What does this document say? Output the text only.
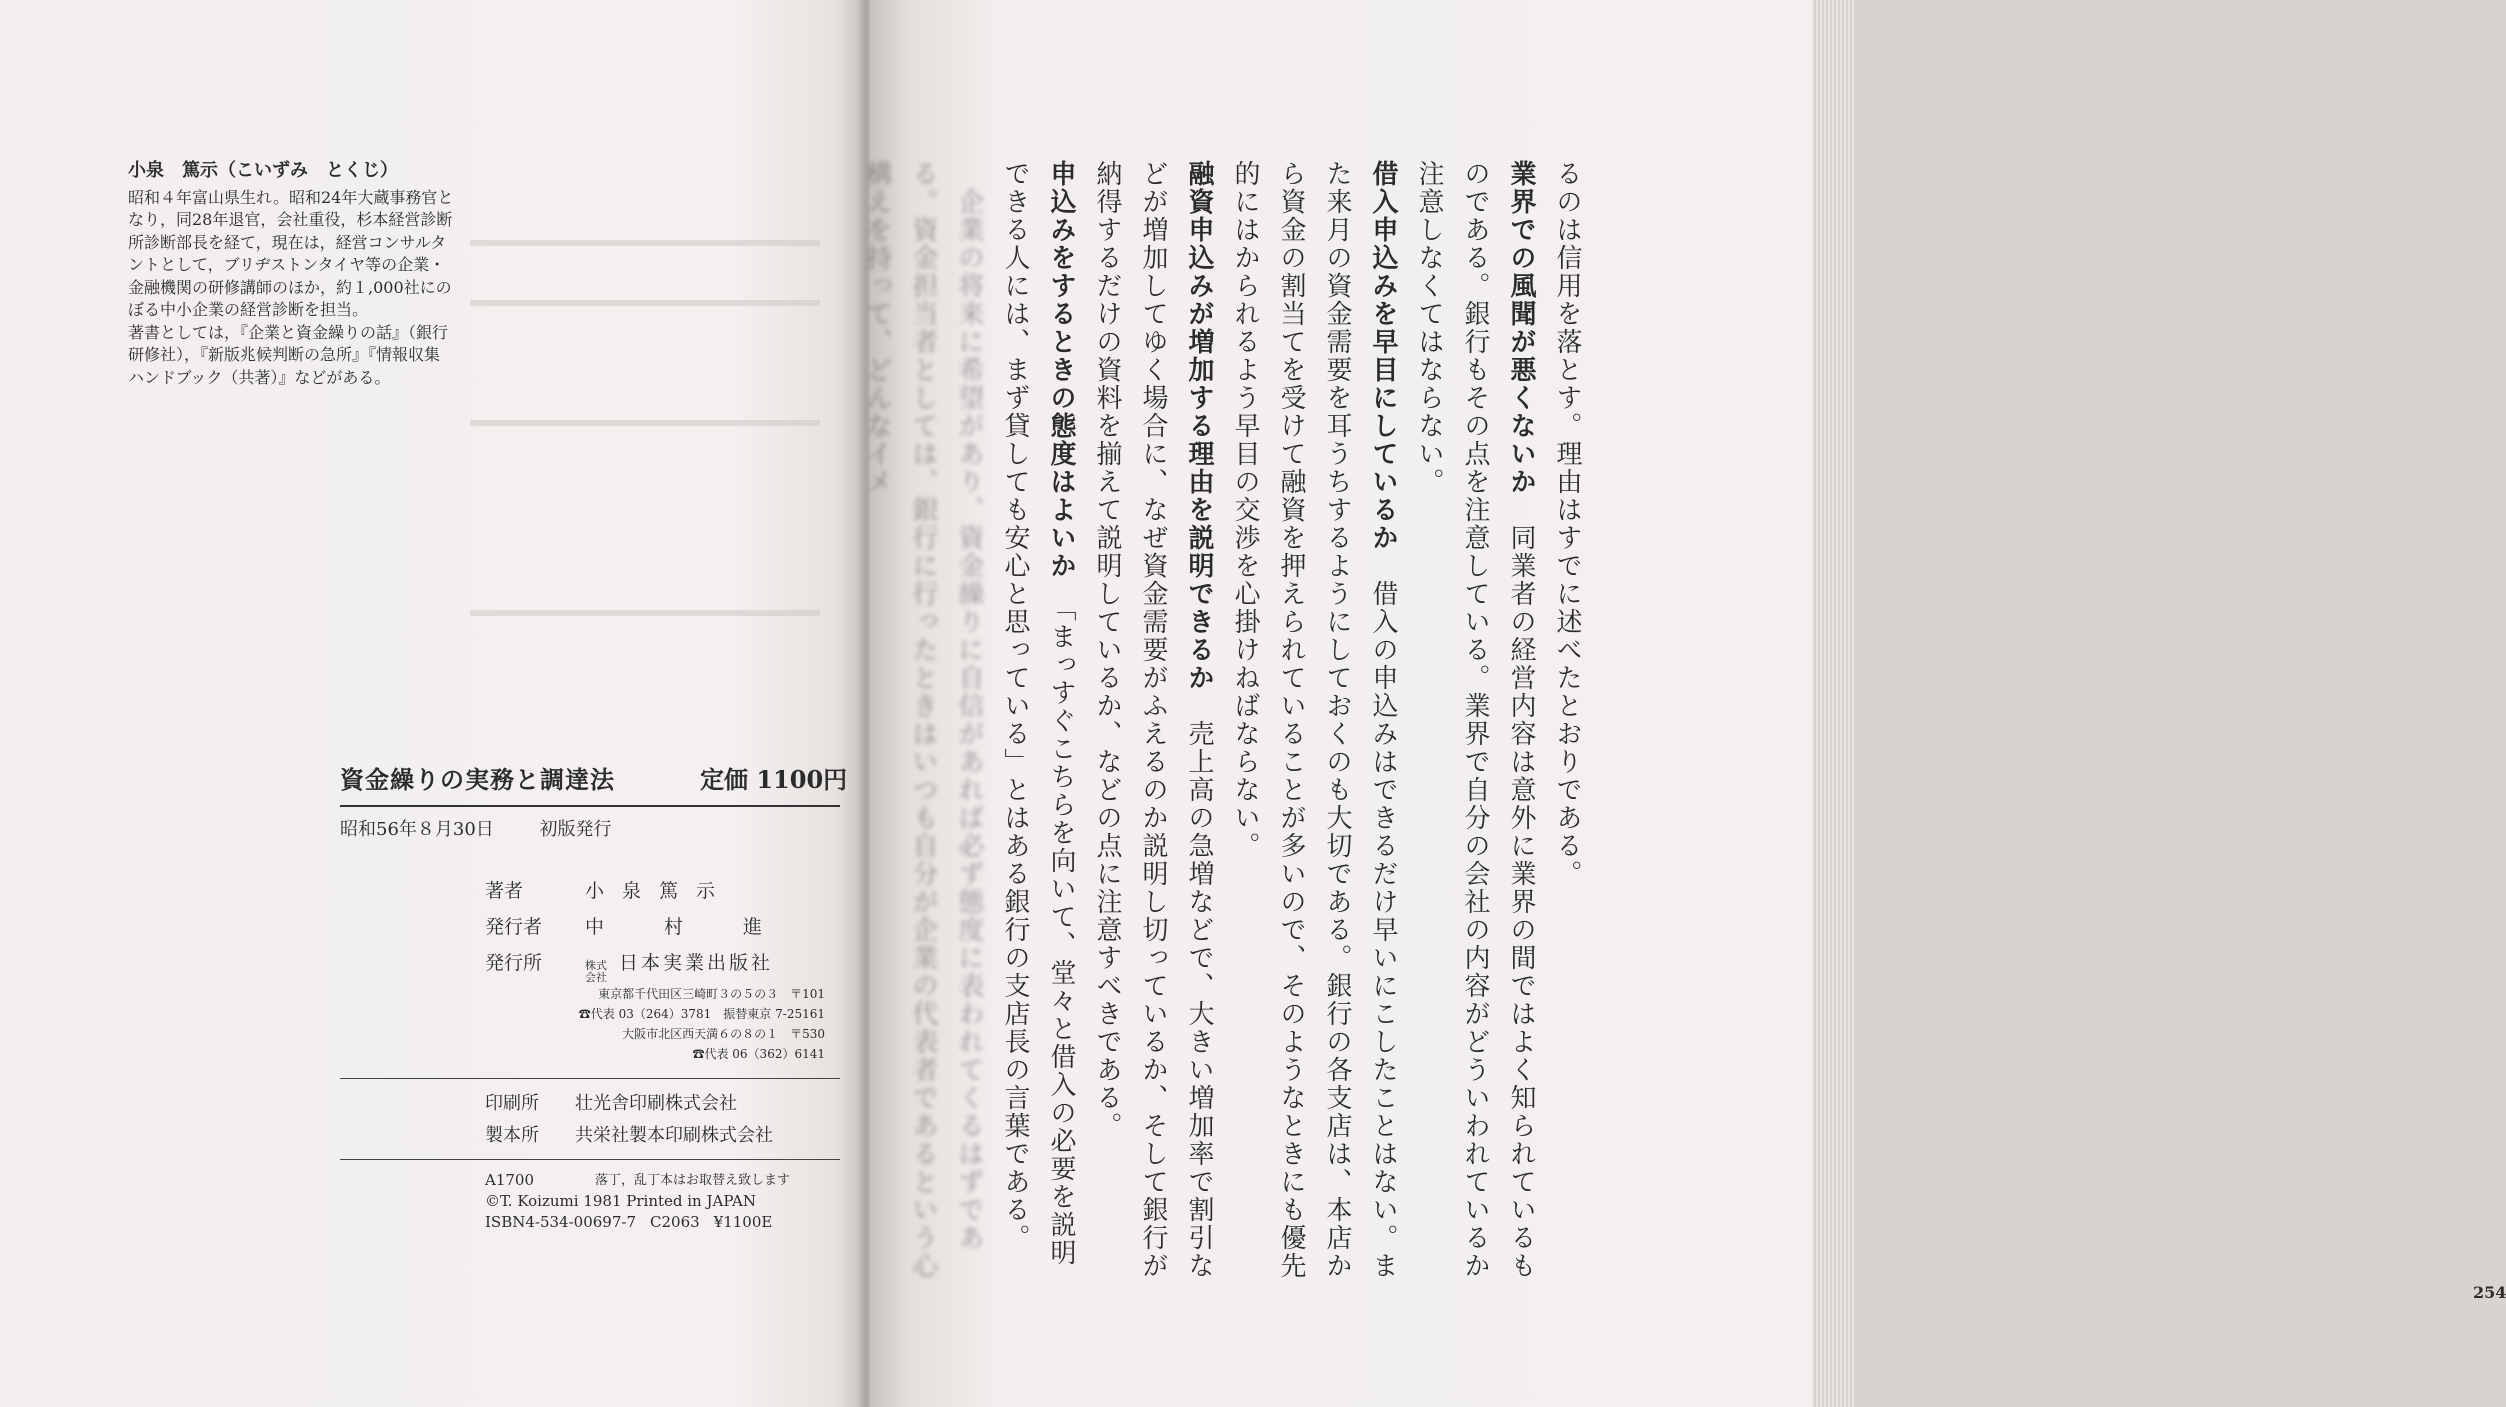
小泉　篤示（こいずみ　とくじ）

昭和４年富山県生れ。昭和24年大蔵事務官と

なり，同28年退官，会社重役，杉本経営診断

所診断部長を経て，現在は，経営コンサルタ

ントとして，ブリヂストンタイヤ等の企業・

金融機関の研修講師のほか，約１,000社にの

ぼる中小企業の経営診断を担当。

著書としては，『企業と資金繰りの話』（銀行

研修社），『新版兆候判断の急所』『情報収集

ハンドブック（共著）』などがある。

資金繰りの実務と調達法	定価 1100円
昭和56年８月30日	初版発行
著者	小泉篤示
発行者	中村進
発行所	株式会社
日本実業出版社
東京都千代田区三崎町３の５の３　〒101
☎代表 03（264）3781　振替東京 7-25161
大阪市北区西天満６の８の１　〒530
☎代表 06（362）6141
印刷所	壮光舎印刷株式会社
製本所	共栄社製本印刷株式会社
A1700	落丁，乱丁本はお取替え致します
©T. Koizumi 1981 Printed in JAPAN
ISBN4-534-00697-7 C2063 ¥1100E

るのは信用を落とす。理由はすでに述べたとおりである。

業界での風聞が悪くないか　同業者の経営内容は意外に業界の間ではよく知られているものである。銀行もその点を注意している。業界で自分の会社の内容がどういわれているか注意しなくてはならない。

借入申込みを早目にしているか　借入の申込みはできるだけ早いにこしたことはない。また来月の資金需要を耳うちするようにしておくのも大切である。銀行の各支店は、本店から資金の割当てを受けて融資を押えられていることが多いので、そのようなときにも優先的にはかられるよう早目の交渉を心掛けねばならない。

融資申込みが増加する理由を説明できるか　売上高の急増などで、大きい増加率で割引などが増加してゆく場合に、なぜ資金需要がふえるのか説明し切っているか、そして銀行が納得するだけの資料を揃えて説明しているか、などの点に注意すべきである。

申込みをするときの態度はよいか　「まっすぐこちらを向いて、堂々と借入の必要を説明できる人には、まず貸しても安心と思っている」とはある銀行の支店長の言葉である。

　企業の将来に希望があり、資金繰りに自信があれば必ず態度に表われてくるはずである。資金担当者としては、銀行に行ったときはいつも自分が企業の代表者であるという心構えを持って、どんなイメ

254
